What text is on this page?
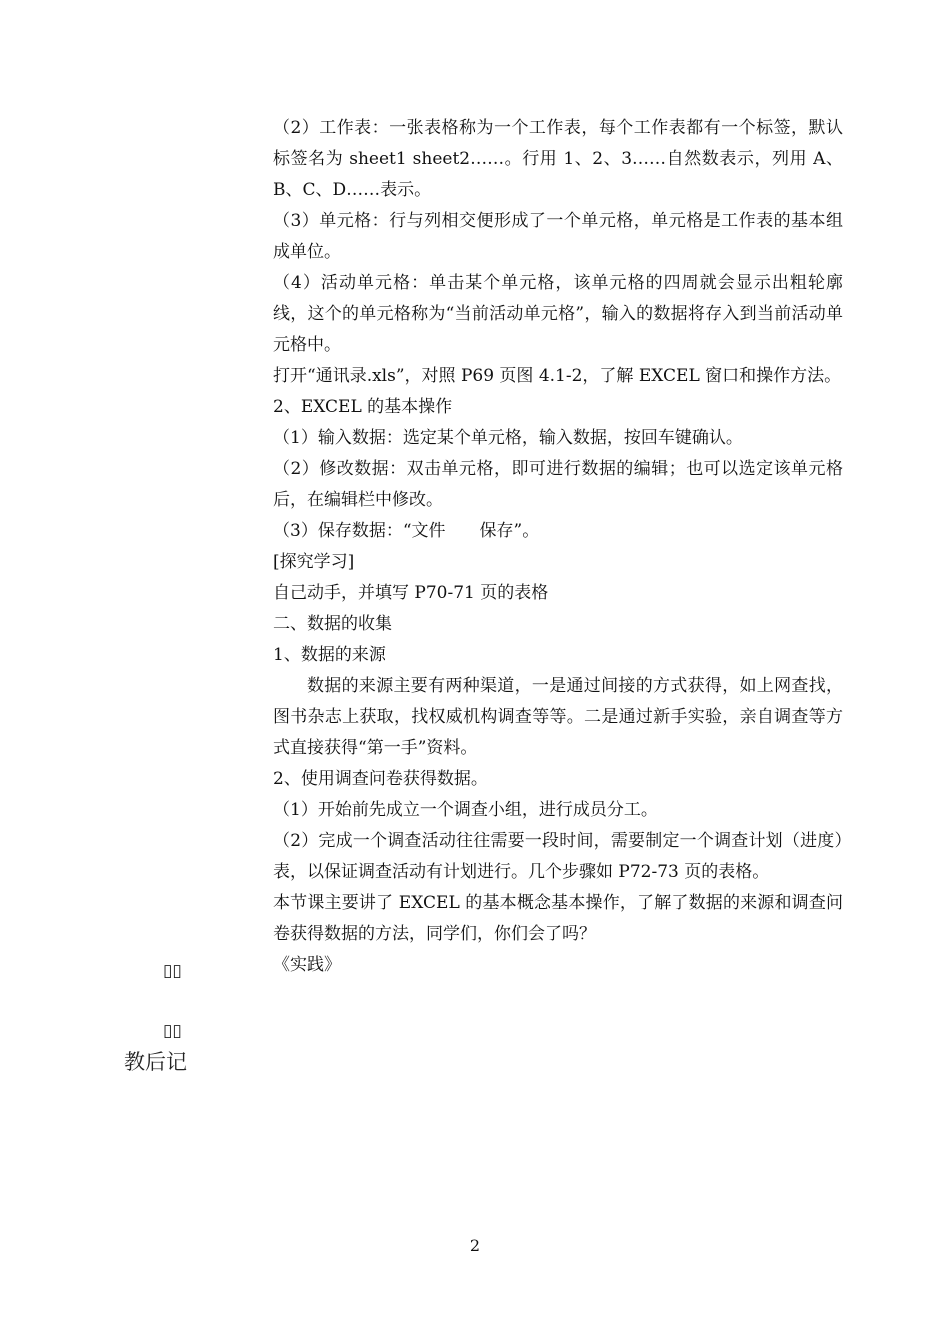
（2）工作表：一张表格称为一个工作表，每个工作表都有一个标签，默认标签名为 sheet1 sheet2……。行用 1、2、3……自然数表示，列用 A、B、C、D……表示。

（3）单元格：行与列相交便形成了一个单元格，单元格是工作表的基本组成单位。

（4）活动单元格：单击某个单元格，该单元格的四周就会显示出粗轮廓线，这个的单元格称为“当前活动单元格”，输入的数据将存入到当前活动单元格中。

打开“通讯录.xls”，对照 P69 页图 4.1-2，了解 EXCEL 窗口和操作方法。

2、EXCEL 的基本操作

（1）输入数据：选定某个单元格，输入数据，按回车键确认。

（2）修改数据：双击单元格，即可进行数据的编辑；也可以选定该单元格后，在编辑栏中修改。

（3）保存数据：“文件　　保存”。

[探究学习]

自己动手，并填写 P70-71 页的表格

二、数据的收集

1、数据的来源

数据的来源主要有两种渠道，一是通过间接的方式获得，如上网查找，图书杂志上获取，找权威机构调查等等。二是通过新手实验，亲自调查等方式直接获得“第一手”资料。

2、使用调查问卷获得数据。

（1）开始前先成立一个调查小组，进行成员分工。

（2）完成一个调查活动往往需要一段时间，需要制定一个调查计划（进度）表，以保证调查活动有计划进行。几个步骤如 P72-73 页的表格。

本节课主要讲了 EXCEL 的基本概念基本操作，了解了数据的来源和调查问卷获得数据的方法，同学们，你们会了吗？

《实践》

▯▯
▯▯
教后记
2
